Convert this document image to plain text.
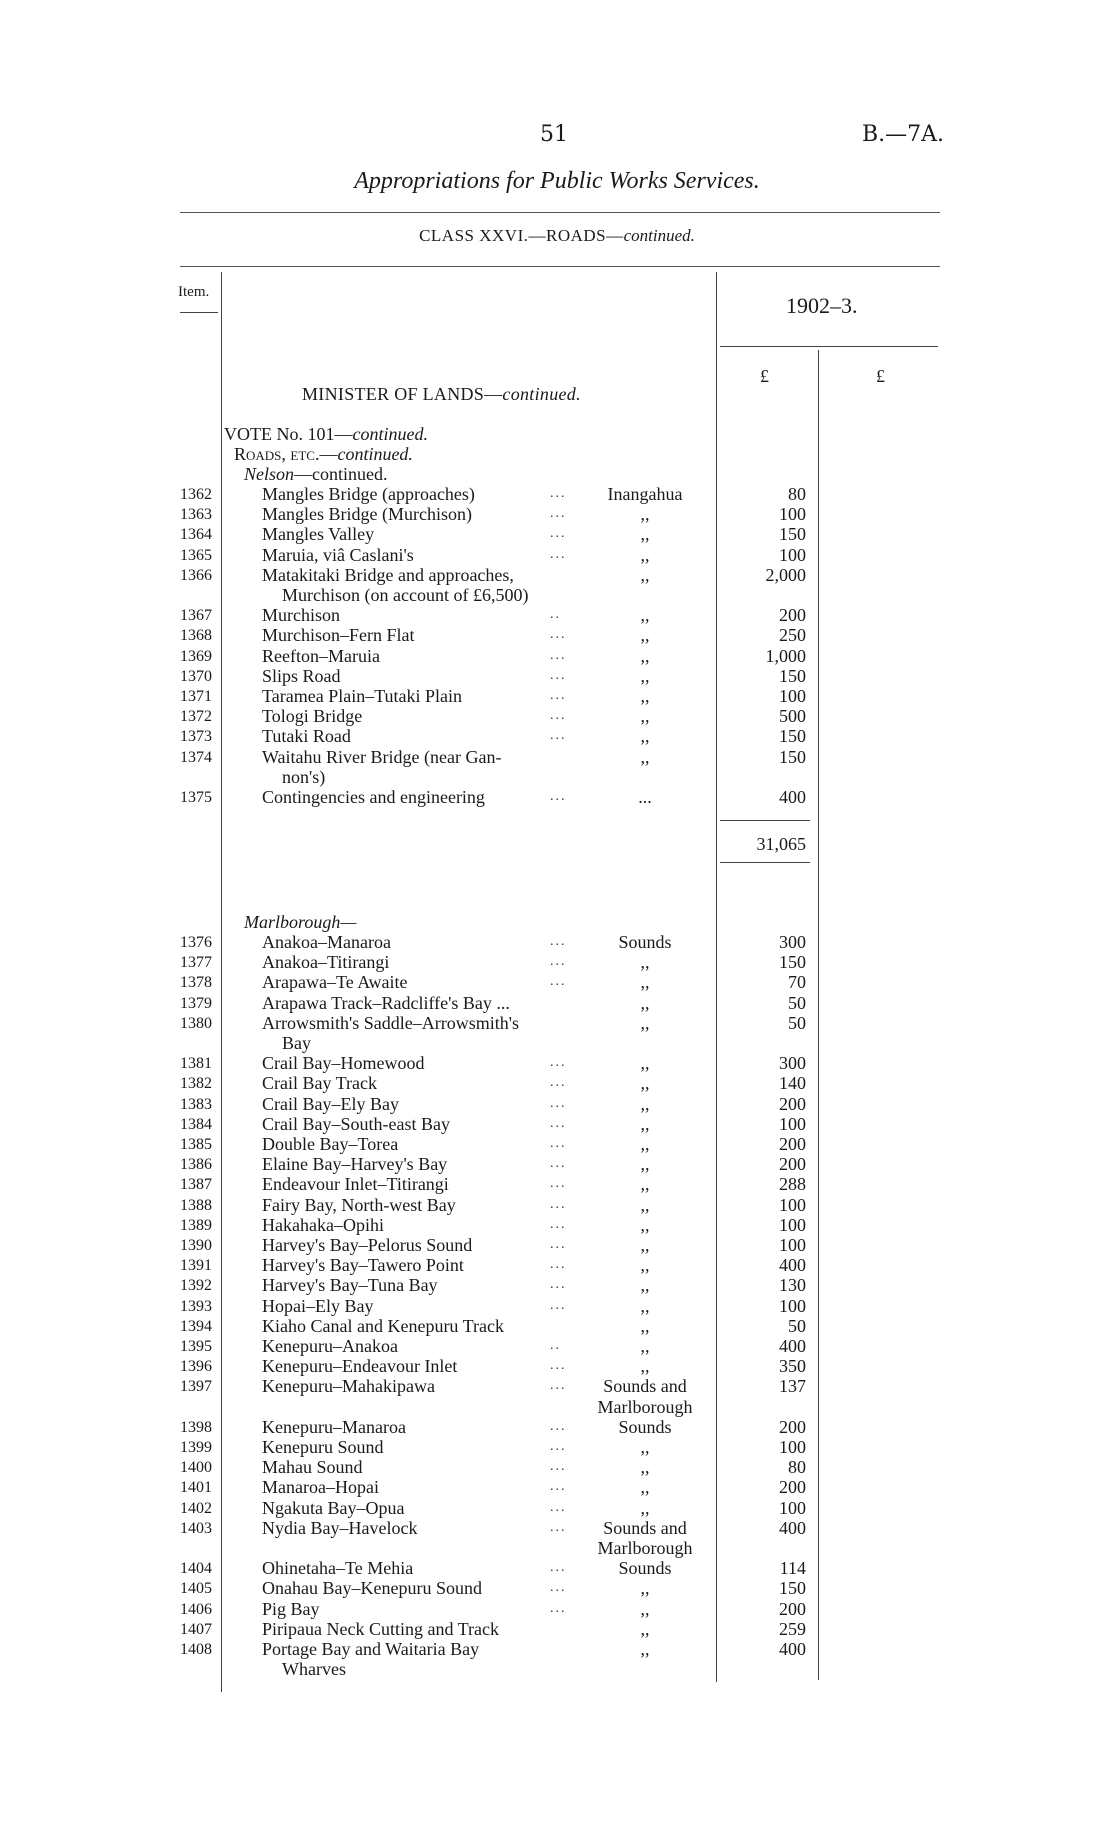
51	B.—7A.
Appropriations for Public Works Services.
CLASS XXVI.—ROADS—continued.
Item.
1902–3.
£	£
MINISTER OF LANDS—continued.
VOTE No. 101—continued.
Roads, etc.—continued.
Nelson—continued.
1362	Mangles Bridge (approaches)	...	Inangahua	80
1363	Mangles Bridge (Murchison)	...	,,	100
1364	Mangles Valley	...	,,	150
1365	Maruia, viâ Caslani's	...	,,	100
1366	Matakitaki Bridge and approaches,	,,	2,000
Murchison (on account of £6,500)
1367	Murchison	..	,,	200
1368	Murchison–Fern Flat	...	,,	250
1369	Reefton–Maruia	...	,,	1,000
1370	Slips Road	...	,,	150
1371	Taramea Plain–Tutaki Plain	...	,,	100
1372	Tologi Bridge	...	,,	500
1373	Tutaki Road	...	,,	150
1374	Waitahu River Bridge (near Gan-	,,	150
non's)
1375	Contingencies and engineering	...	...	400
31,065
Marlborough—
1376	Anakoa–Manaroa	...	Sounds	300
1377	Anakoa–Titirangi	...	,,	150
1378	Arapawa–Te Awaite	...	,,	70
1379	Arapawa Track–Radcliffe's Bay ...	,,	50
1380	Arrowsmith's Saddle–Arrowsmith's	,,	50
Bay
1381	Crail Bay–Homewood	...	,,	300
1382	Crail Bay Track	...	,,	140
1383	Crail Bay–Ely Bay	...	,,	200
1384	Crail Bay–South-east Bay	...	,,	100
1385	Double Bay–Torea	...	,,	200
1386	Elaine Bay–Harvey's Bay	...	,,	200
1387	Endeavour Inlet–Titirangi	...	,,	288
1388	Fairy Bay, North-west Bay	...	,,	100
1389	Hakahaka–Opihi	...	,,	100
1390	Harvey's Bay–Pelorus Sound	...	,,	100
1391	Harvey's Bay–Tawero Point	...	,,	400
1392	Harvey's Bay–Tuna Bay	...	,,	130
1393	Hopai–Ely Bay	...	,,	100
1394	Kiaho Canal and Kenepuru Track	,,	50
1395	Kenepuru–Anakoa	..	,,	400
1396	Kenepuru–Endeavour Inlet	...	,,	350
1397	Kenepuru–Mahakipawa	...	Sounds and	137
Marlborough
1398	Kenepuru–Manaroa	...	Sounds	200
1399	Kenepuru Sound	...	,,	100
1400	Mahau Sound	...	,,	80
1401	Manaroa–Hopai	...	,,	200
1402	Ngakuta Bay–Opua	...	,,	100
1403	Nydia Bay–Havelock	...	Sounds and	400
Marlborough
1404	Ohinetaha–Te Mehia	...	Sounds	114
1405	Onahau Bay–Kenepuru Sound	...	,,	150
1406	Pig Bay	...	,,	200
1407	Piripaua Neck Cutting and Track	,,	259
1408	Portage Bay and Waitaria Bay	,,	400
Wharves
